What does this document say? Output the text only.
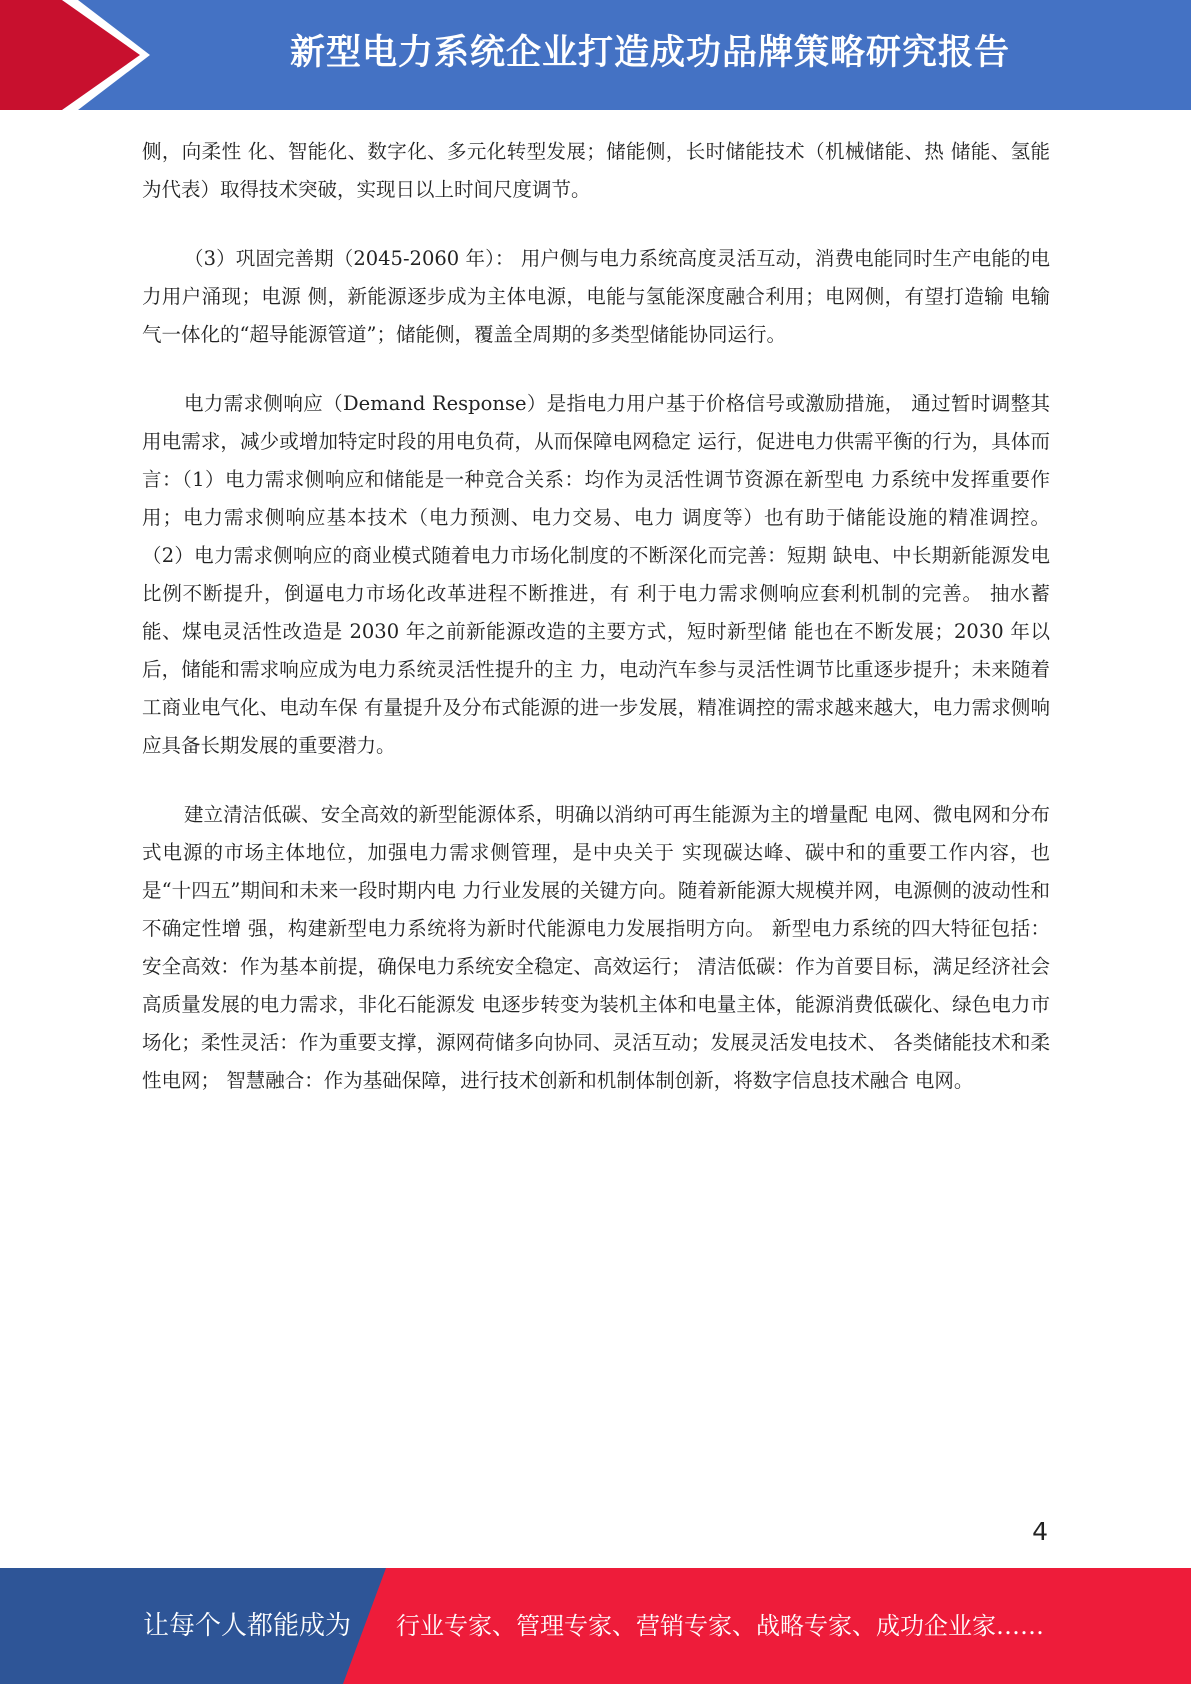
新型电力系统企业打造成功品牌策略研究报告

侧，向柔性 化、智能化、数字化、多元化转型发展；储能侧，长时储能技术（机械储能、热 储能、氢能为代表）取得技术突破，实现日以上时间尺度调节。

（3）巩固完善期（2045-2060 年）： 用户侧与电力系统高度灵活互动，消费电能同时生产电能的电力用户涌现；电源 侧，新能源逐步成为主体电源，电能与氢能深度融合利用；电网侧，有望打造输 电输气一体化的“超导能源管道”；储能侧，覆盖全周期的多类型储能协同运行。

电力需求侧响应（Demand Response）是指电力用户基于价格信号或激励措施， 通过暂时调整其用电需求，减少或增加特定时段的用电负荷，从而保障电网稳定 运行，促进电力供需平衡的行为，具体而言：（1）电力需求侧响应和储能是一种竞合关系：均作为灵活性调节资源在新型电 力系统中发挥重要作用；电力需求侧响应基本技术（电力预测、电力交易、电力 调度等）也有助于储能设施的精准调控。 （2）电力需求侧响应的商业模式随着电力市场化制度的不断深化而完善：短期 缺电、中长期新能源发电比例不断提升，倒逼电力市场化改革进程不断推进，有 利于电力需求侧响应套利机制的完善。 抽水蓄能、煤电灵活性改造是 2030 年之前新能源改造的主要方式，短时新型储 能也在不断发展；2030 年以后，储能和需求响应成为电力系统灵活性提升的主 力，电动汽车参与灵活性调节比重逐步提升；未来随着工商业电气化、电动车保 有量提升及分布式能源的进一步发展，精准调控的需求越来越大，电力需求侧响 应具备长期发展的重要潜力。

建立清洁低碳、安全高效的新型能源体系，明确以消纳可再生能源为主的增量配 电网、微电网和分布式电源的市场主体地位，加强电力需求侧管理，是中央关于 实现碳达峰、碳中和的重要工作内容，也是“十四五”期间和未来一段时期内电 力行业发展的关键方向。随着新能源大规模并网，电源侧的波动性和不确定性增 强，构建新型电力系统将为新时代能源电力发展指明方向。 新型电力系统的四大特征包括： 安全高效：作为基本前提，确保电力系统安全稳定、高效运行； 清洁低碳：作为首要目标，满足经济社会高质量发展的电力需求，非化石能源发 电逐步转变为装机主体和电量主体，能源消费低碳化、绿色电力市场化；柔性灵活：作为重要支撑，源网荷储多向协同、灵活互动；发展灵活发电技术、 各类储能技术和柔性电网； 智慧融合：作为基础保障，进行技术创新和机制体制创新，将数字信息技术融合 电网。

4
让每个人都能成为 行业专家、管理专家、营销专家、战略专家、成功企业家……
